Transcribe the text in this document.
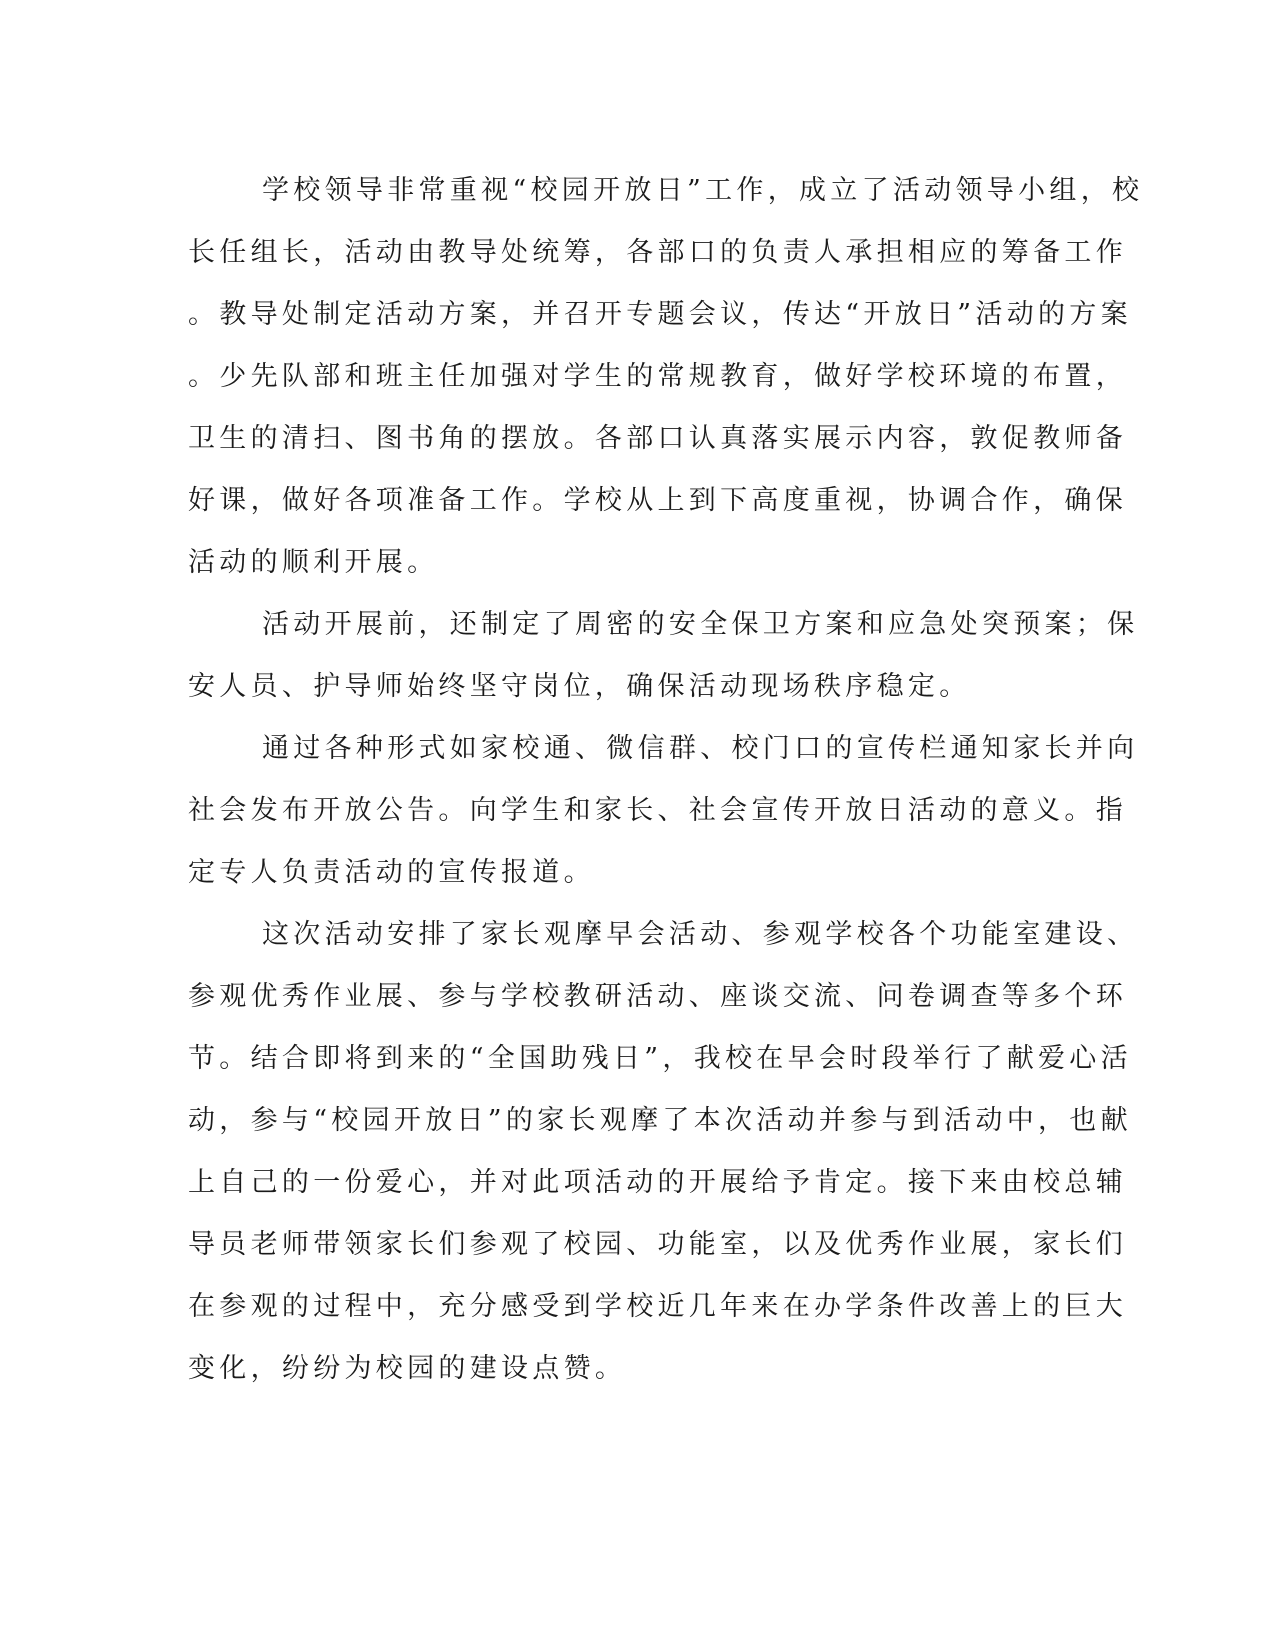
学校领导非常重视“校园开放日”工作，成立了活动领导小组，校
长任组长，活动由教导处统筹，各部口的负责人承担相应的筹备工作
。教导处制定活动方案，并召开专题会议，传达“开放日”活动的方案
。少先队部和班主任加强对学生的常规教育，做好学校环境的布置，
卫生的清扫、图书角的摆放。各部口认真落实展示内容，敦促教师备
好课，做好各项准备工作。学校从上到下高度重视，协调合作，确保
活动的顺利开展。
活动开展前，还制定了周密的安全保卫方案和应急处突预案；保
安人员、护导师始终坚守岗位，确保活动现场秩序稳定。
通过各种形式如家校通、微信群、校门口的宣传栏通知家长并向
社会发布开放公告。向学生和家长、社会宣传开放日活动的意义。指
定专人负责活动的宣传报道。
这次活动安排了家长观摩早会活动、参观学校各个功能室建设、
参观优秀作业展、参与学校教研活动、座谈交流、问卷调查等多个环
节。结合即将到来的“全国助残日”，我校在早会时段举行了献爱心活
动，参与“校园开放日”的家长观摩了本次活动并参与到活动中，也献
上自己的一份爱心，并对此项活动的开展给予肯定。接下来由校总辅
导员老师带领家长们参观了校园、功能室，以及优秀作业展，家长们
在参观的过程中，充分感受到学校近几年来在办学条件改善上的巨大
变化，纷纷为校园的建设点赞。
